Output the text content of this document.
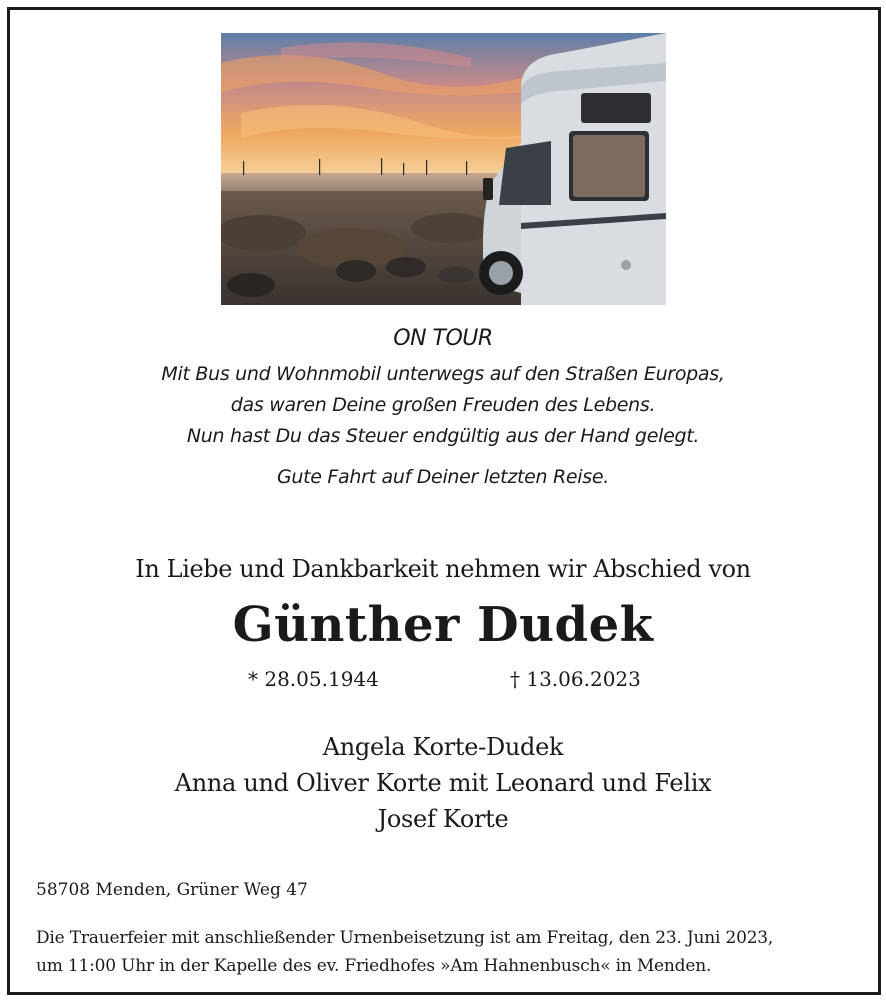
ON TOUR
Mit Bus und Wohnmobil unterwegs auf den Straßen Europas,
das waren Deine großen Freuden des Lebens.
Nun hast Du das Steuer endgültig aus der Hand gelegt.
Gute Fahrt auf Deiner letzten Reise.
In Liebe und Dankbarkeit nehmen wir Abschied von
Günther Dudek
* 28.05.1944	† 13.06.2023
Angela Korte-Dudek
Anna und Oliver Korte mit Leonard und Felix
Josef Korte
58708 Menden, Grüner Weg 47
Die Trauerfeier mit anschließender Urnenbeisetzung ist am Freitag, den 23. Juni 2023,
um 11:00 Uhr in der Kapelle des ev. Friedhofes »Am Hahnenbusch« in Menden.
